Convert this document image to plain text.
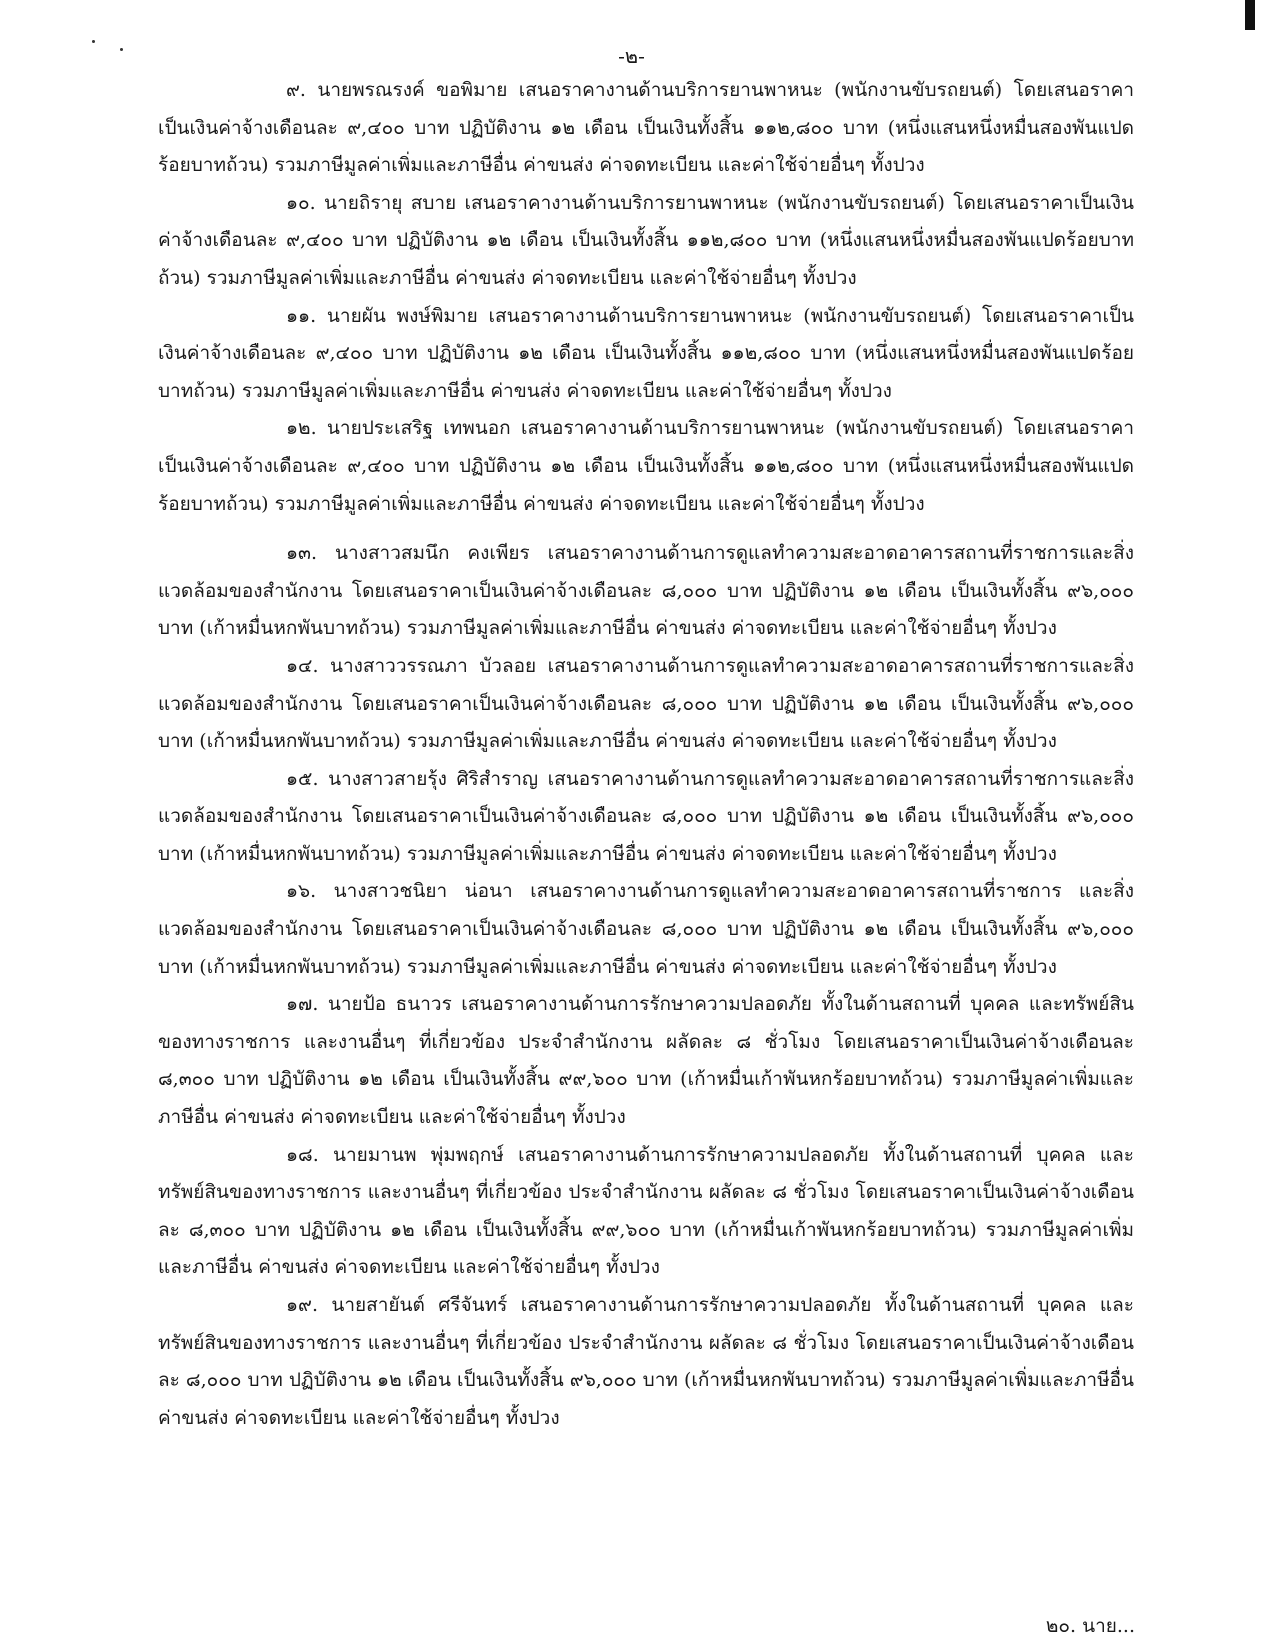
-๒-

๙. นายพรณรงค์ ขอพิมาย เสนอราคางานด้านบริการยานพาหนะ (พนักงานขับรถยนต์) โดยเสนอราคาเป็นเงินค่าจ้างเดือนละ ๙,๔๐๐ บาท ปฏิบัติงาน ๑๒ เดือน เป็นเงินทั้งสิ้น ๑๑๒,๘๐๐ บาท (หนึ่งแสนหนึ่งหมื่นสองพันแปดร้อยบาทถ้วน) รวมภาษีมูลค่าเพิ่มและภาษีอื่น ค่าขนส่ง ค่าจดทะเบียน และค่าใช้จ่ายอื่นๆ ทั้งปวง

๑๐. นายถิรายุ สบาย เสนอราคางานด้านบริการยานพาหนะ (พนักงานขับรถยนต์) โดยเสนอราคาเป็นเงินค่าจ้างเดือนละ ๙,๔๐๐ บาท ปฏิบัติงาน ๑๒ เดือน เป็นเงินทั้งสิ้น ๑๑๒,๘๐๐ บาท (หนึ่งแสนหนึ่งหมื่นสองพันแปดร้อยบาทถ้วน) รวมภาษีมูลค่าเพิ่มและภาษีอื่น ค่าขนส่ง ค่าจดทะเบียน และค่าใช้จ่ายอื่นๆ ทั้งปวง

๑๑. นายผัน พงษ์พิมาย เสนอราคางานด้านบริการยานพาหนะ (พนักงานขับรถยนต์) โดยเสนอราคาเป็นเงินค่าจ้างเดือนละ ๙,๔๐๐ บาท ปฏิบัติงาน ๑๒ เดือน เป็นเงินทั้งสิ้น ๑๑๒,๘๐๐ บาท (หนึ่งแสนหนึ่งหมื่นสองพันแปดร้อยบาทถ้วน) รวมภาษีมูลค่าเพิ่มและภาษีอื่น ค่าขนส่ง ค่าจดทะเบียน และค่าใช้จ่ายอื่นๆ ทั้งปวง

๑๒. นายประเสริฐ เทพนอก เสนอราคางานด้านบริการยานพาหนะ (พนักงานขับรถยนต์) โดยเสนอราคาเป็นเงินค่าจ้างเดือนละ ๙,๔๐๐ บาท ปฏิบัติงาน ๑๒ เดือน เป็นเงินทั้งสิ้น ๑๑๒,๘๐๐ บาท (หนึ่งแสนหนึ่งหมื่นสองพันแปดร้อยบาทถ้วน) รวมภาษีมูลค่าเพิ่มและภาษีอื่น ค่าขนส่ง ค่าจดทะเบียน และค่าใช้จ่ายอื่นๆ ทั้งปวง

๑๓. นางสาวสมนึก คงเพียร เสนอราคางานด้านการดูแลทำความสะอาดอาคารสถานที่ราชการและสิ่งแวดล้อมของสำนักงาน โดยเสนอราคาเป็นเงินค่าจ้างเดือนละ ๘,๐๐๐ บาท ปฏิบัติงาน ๑๒ เดือน เป็นเงินทั้งสิ้น ๙๖,๐๐๐ บาท (เก้าหมื่นหกพันบาทถ้วน) รวมภาษีมูลค่าเพิ่มและภาษีอื่น ค่าขนส่ง ค่าจดทะเบียน และค่าใช้จ่ายอื่นๆ ทั้งปวง

๑๔. นางสาววรรณภา บัวลอย เสนอราคางานด้านการดูแลทำความสะอาดอาคารสถานที่ราชการและสิ่งแวดล้อมของสำนักงาน โดยเสนอราคาเป็นเงินค่าจ้างเดือนละ ๘,๐๐๐ บาท ปฏิบัติงาน ๑๒ เดือน เป็นเงินทั้งสิ้น ๙๖,๐๐๐ บาท (เก้าหมื่นหกพันบาทถ้วน) รวมภาษีมูลค่าเพิ่มและภาษีอื่น ค่าขนส่ง ค่าจดทะเบียน และค่าใช้จ่ายอื่นๆ ทั้งปวง

๑๕. นางสาวสายรุ้ง ศิริสำราญ เสนอราคางานด้านการดูแลทำความสะอาดอาคารสถานที่ราชการและสิ่งแวดล้อมของสำนักงาน โดยเสนอราคาเป็นเงินค่าจ้างเดือนละ ๘,๐๐๐ บาท ปฏิบัติงาน ๑๒ เดือน เป็นเงินทั้งสิ้น ๙๖,๐๐๐ บาท (เก้าหมื่นหกพันบาทถ้วน) รวมภาษีมูลค่าเพิ่มและภาษีอื่น ค่าขนส่ง ค่าจดทะเบียน และค่าใช้จ่ายอื่นๆ ทั้งปวง

๑๖. นางสาวชนิยา น่อนา เสนอราคางานด้านการดูแลทำความสะอาดอาคารสถานที่ราชการ และสิ่งแวดล้อมของสำนักงาน โดยเสนอราคาเป็นเงินค่าจ้างเดือนละ ๘,๐๐๐ บาท ปฏิบัติงาน ๑๒ เดือน เป็นเงินทั้งสิ้น ๙๖,๐๐๐ บาท (เก้าหมื่นหกพันบาทถ้วน) รวมภาษีมูลค่าเพิ่มและภาษีอื่น ค่าขนส่ง ค่าจดทะเบียน และค่าใช้จ่ายอื่นๆ ทั้งปวง

๑๗. นายป้อ ธนาวร เสนอราคางานด้านการรักษาความปลอดภัย ทั้งในด้านสถานที่ บุคคล และทรัพย์สินของทางราชการ และงานอื่นๆ ที่เกี่ยวข้อง ประจำสำนักงาน ผลัดละ ๘ ชั่วโมง โดยเสนอราคาเป็นเงินค่าจ้างเดือนละ ๘,๓๐๐ บาท ปฏิบัติงาน ๑๒ เดือน เป็นเงินทั้งสิ้น ๙๙,๖๐๐ บาท (เก้าหมื่นเก้าพันหกร้อยบาทถ้วน) รวมภาษีมูลค่าเพิ่มและภาษีอื่น ค่าขนส่ง ค่าจดทะเบียน และค่าใช้จ่ายอื่นๆ ทั้งปวง

๑๘. นายมานพ พุ่มพฤกษ์ เสนอราคางานด้านการรักษาความปลอดภัย ทั้งในด้านสถานที่ บุคคล และทรัพย์สินของทางราชการ และงานอื่นๆ ที่เกี่ยวข้อง ประจำสำนักงาน ผลัดละ ๘ ชั่วโมง โดยเสนอราคาเป็นเงินค่าจ้างเดือนละ ๘,๓๐๐ บาท ปฏิบัติงาน ๑๒ เดือน เป็นเงินทั้งสิ้น ๙๙,๖๐๐ บาท (เก้าหมื่นเก้าพันหกร้อยบาทถ้วน) รวมภาษีมูลค่าเพิ่มและภาษีอื่น ค่าขนส่ง ค่าจดทะเบียน และค่าใช้จ่ายอื่นๆ ทั้งปวง

๑๙. นายสายันต์ ศรีจันทร์ เสนอราคางานด้านการรักษาความปลอดภัย ทั้งในด้านสถานที่ บุคคล และทรัพย์สินของทางราชการ และงานอื่นๆ ที่เกี่ยวข้อง ประจำสำนักงาน ผลัดละ ๘ ชั่วโมง โดยเสนอราคาเป็นเงินค่าจ้างเดือนละ ๘,๐๐๐ บาท ปฏิบัติงาน ๑๒ เดือน เป็นเงินทั้งสิ้น ๙๖,๐๐๐ บาท (เก้าหมื่นหกพันบาทถ้วน) รวมภาษีมูลค่าเพิ่มและภาษีอื่น ค่าขนส่ง ค่าจดทะเบียน และค่าใช้จ่ายอื่นๆ ทั้งปวง

๒๐. นาย...
